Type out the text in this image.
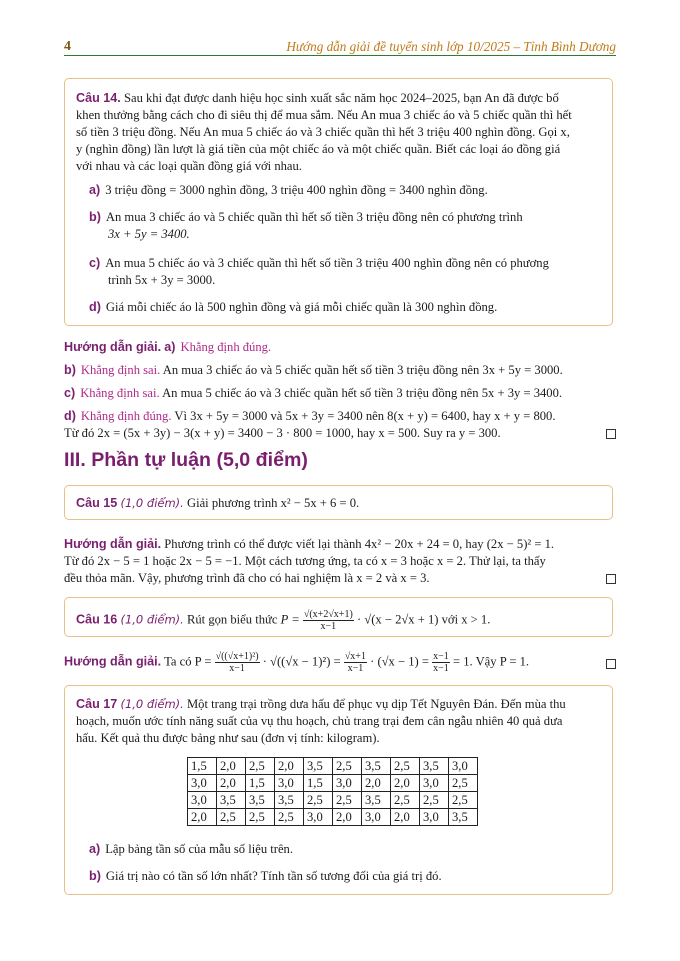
4	Hướng dẫn giải đề tuyển sinh lớp 10/2025 – Tỉnh Bình Dương
Câu 14. Sau khi đạt được danh hiệu học sinh xuất sắc năm học 2024–2025, bạn An đã được bố
khen thưởng bằng cách cho đi siêu thị để mua sắm. Nếu An mua 3 chiếc áo và 5 chiếc quần thì hết
số tiền 3 triệu đồng. Nếu An mua 5 chiếc áo và 3 chiếc quần thì hết 3 triệu 400 nghìn đồng. Gọi x,
y (nghìn đồng) lần lượt là giá tiền của một chiếc áo và một chiếc quần. Biết các loại áo đồng giá
với nhau và các loại quần đồng giá với nhau.
a) 3 triệu đồng = 3000 nghìn đồng, 3 triệu 400 nghìn đồng = 3400 nghìn đồng.
b) An mua 3 chiếc áo và 5 chiếc quần thì hết số tiền 3 triệu đồng nên có phương trình
3x + 5y = 3400.
c) An mua 5 chiếc áo và 3 chiếc quần thì hết số tiền 3 triệu 400 nghìn đồng nên có phương
trình 5x + 3y = 3000.
d) Giá mỗi chiếc áo là 500 nghìn đồng và giá mỗi chiếc quần là 300 nghìn đồng.
Hướng dẫn giải. a) Khẳng định đúng.
b) Khẳng định sai. An mua 3 chiếc áo và 5 chiếc quần hết số tiền 3 triệu đồng nên 3x + 5y = 3000.
c) Khẳng định sai. An mua 5 chiếc áo và 3 chiếc quần hết số tiền 3 triệu đồng nên 5x + 3y = 3400.
d) Khẳng định đúng. Vì 3x + 5y = 3000 và 5x + 3y = 3400 nên 8(x + y) = 6400, hay x + y = 800.
Từ đó 2x = (5x + 3y) − 3(x + y) = 3400 − 3 · 800 = 1000, hay x = 500. Suy ra y = 300.
III. Phần tự luận (5,0 điểm)
Câu 15 (1,0 điểm). Giải phương trình x² − 5x + 6 = 0.
Hướng dẫn giải. Phương trình có thể được viết lại thành 4x² − 20x + 24 = 0, hay (2x − 5)² = 1.
Từ đó 2x − 5 = 1 hoặc 2x − 5 = −1. Một cách tương ứng, ta có x = 3 hoặc x = 2. Thử lại, ta thấy
đều thỏa mãn. Vậy, phương trình đã cho có hai nghiệm là x = 2 và x = 3.
Câu 16 (1,0 điểm). Rút gọn biểu thức $P = \frac{√(x+2√x+1)}{x-1} \cdot √(x - 2√x + 1)$ với x > 1.
Hướng dẫn giải. Ta có $P = \frac{\text{√((√x+1)²)}}{x-1} \cdot √((√x - 1)^2) = \frac{√x+1}{x-1} \cdot (√x - 1) = \frac{x-1}{x-1} = 1$. Vậy P = 1.
Câu 17 (1,0 điểm). Một trang trại trồng dưa hấu để phục vụ dịp Tết Nguyên Đán. Đến mùa thu
hoạch, muốn ước tính năng suất của vụ thu hoạch, chủ trang trại đem cân ngẫu nhiên 40 quả dưa
hấu. Kết quả thu được bảng như sau (đơn vị tính: kilogram).
1,5	2,0	2,5	2,0	3,5	2,5	3,5	2,5	3,5	3,0
3,0	2,0	1,5	3,0	1,5	3,0	2,0	2,0	3,0	2,5
3,0	3,5	3,5	3,5	2,5	2,5	3,5	2,5	2,5	2,5
2,0	2,5	2,5	2,5	3,0	2,0	3,0	2,0	3,0	3,5
a) Lập bảng tần số của mẫu số liệu trên.
b) Giá trị nào có tần số lớn nhất? Tính tần số tương đối của giá trị đó.
